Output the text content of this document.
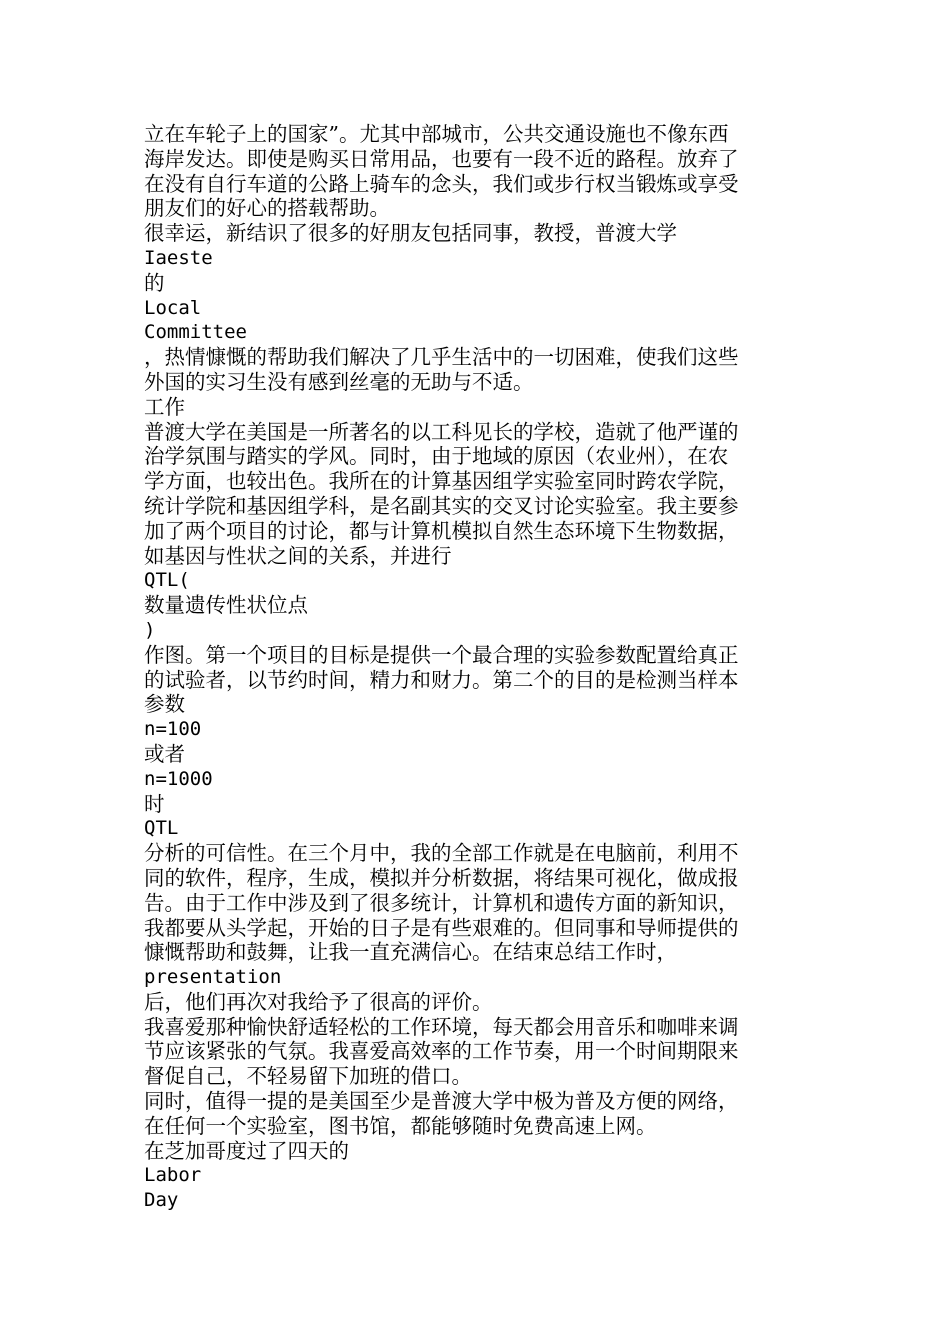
立在车轮子上的国家”。尤其中部城市，公共交通设施也不像东西
海岸发达。即使是购买日常用品，也要有一段不近的路程。放弃了
在没有自行车道的公路上骑车的念头，我们或步行权当锻炼或享受
朋友们的好心的搭载帮助。
很幸运，新结识了很多的好朋友包括同事，教授，普渡大学
Iaeste
的
Local
Committee
，热情慷慨的帮助我们解决了几乎生活中的一切困难，使我们这些
外国的实习生没有感到丝毫的无助与不适。
工作
普渡大学在美国是一所著名的以工科见长的学校，造就了他严谨的
治学氛围与踏实的学风。同时，由于地域的原因（农业州），在农
学方面，也较出色。我所在的计算基因组学实验室同时跨农学院，
统计学院和基因组学科，是名副其实的交叉讨论实验室。我主要参
加了两个项目的讨论，都与计算机模拟自然生态环境下生物数据，
如基因与性状之间的关系，并进行
QTL(
数量遗传性状位点
)
作图。第一个项目的目标是提供一个最合理的实验参数配置给真正
的试验者，以节约时间，精力和财力。第二个的目的是检测当样本
参数
n=100
或者
n=1000
时
QTL
分析的可信性。在三个月中，我的全部工作就是在电脑前，利用不
同的软件，程序，生成，模拟并分析数据，将结果可视化，做成报
告。由于工作中涉及到了很多统计，计算机和遗传方面的新知识，
我都要从头学起，开始的日子是有些艰难的。但同事和导师提供的
慷慨帮助和鼓舞，让我一直充满信心。在结束总结工作时，
presentation
后，他们再次对我给予了很高的评价。
我喜爱那种愉快舒适轻松的工作环境，每天都会用音乐和咖啡来调
节应该紧张的气氛。我喜爱高效率的工作节奏，用一个时间期限来
督促自己，不轻易留下加班的借口。
同时，值得一提的是美国至少是普渡大学中极为普及方便的网络，
在任何一个实验室，图书馆，都能够随时免费高速上网。
在芝加哥度过了四天的
Labor
Day
